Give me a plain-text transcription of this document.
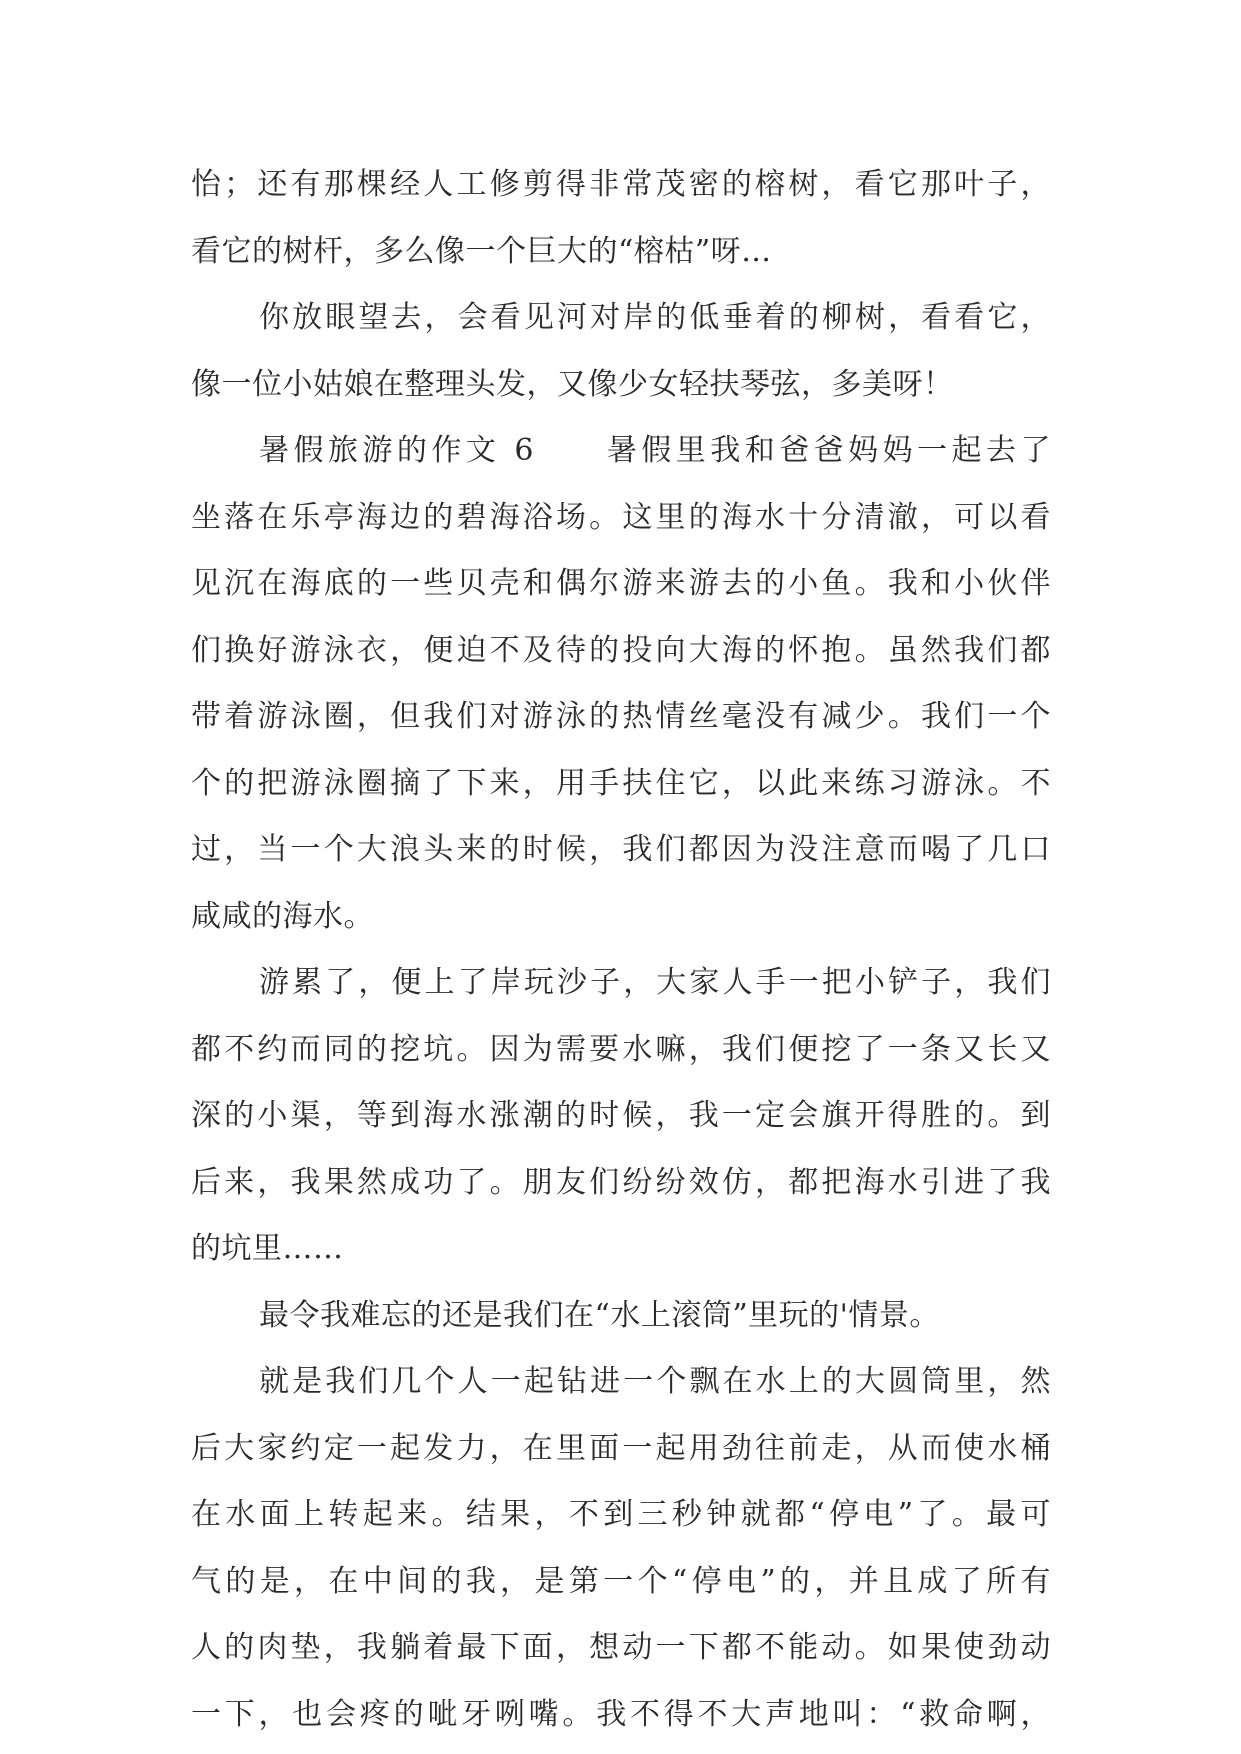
怡；还有那棵经人工修剪得非常茂密的榕树，看它那叶子，
看它的树杆，多么像一个巨大的“榕枯”呀…
你放眼望去，会看见河对岸的低垂着的柳树，看看它，
像一位小姑娘在整理头发，又像少女轻扶琴弦，多美呀！
暑假旅游的作文 6　　暑假里我和爸爸妈妈一起去了
坐落在乐亭海边的碧海浴场。这里的海水十分清澈，可以看
见沉在海底的一些贝壳和偶尔游来游去的小鱼。我和小伙伴
们换好游泳衣，便迫不及待的投向大海的怀抱。虽然我们都
带着游泳圈，但我们对游泳的热情丝毫没有减少。我们一个
个的把游泳圈摘了下来，用手扶住它，以此来练习游泳。不
过，当一个大浪头来的时候，我们都因为没注意而喝了几口
咸咸的海水。
游累了，便上了岸玩沙子，大家人手一把小铲子，我们
都不约而同的挖坑。因为需要水嘛，我们便挖了一条又长又
深的小渠，等到海水涨潮的时候，我一定会旗开得胜的。到
后来，我果然成功了。朋友们纷纷效仿，都把海水引进了我
的坑里……
最令我难忘的还是我们在“水上滚筒”里玩的'情景。
就是我们几个人一起钻进一个飘在水上的大圆筒里，然
后大家约定一起发力，在里面一起用劲往前走，从而使水桶
在水面上转起来。结果，不到三秒钟就都“停电”了。最可
气的是，在中间的我，是第一个“停电”的，并且成了所有
人的肉垫，我躺着最下面，想动一下都不能动。如果使劲动
一下，也会疼的呲牙咧嘴。我不得不大声地叫：“救命啊，
